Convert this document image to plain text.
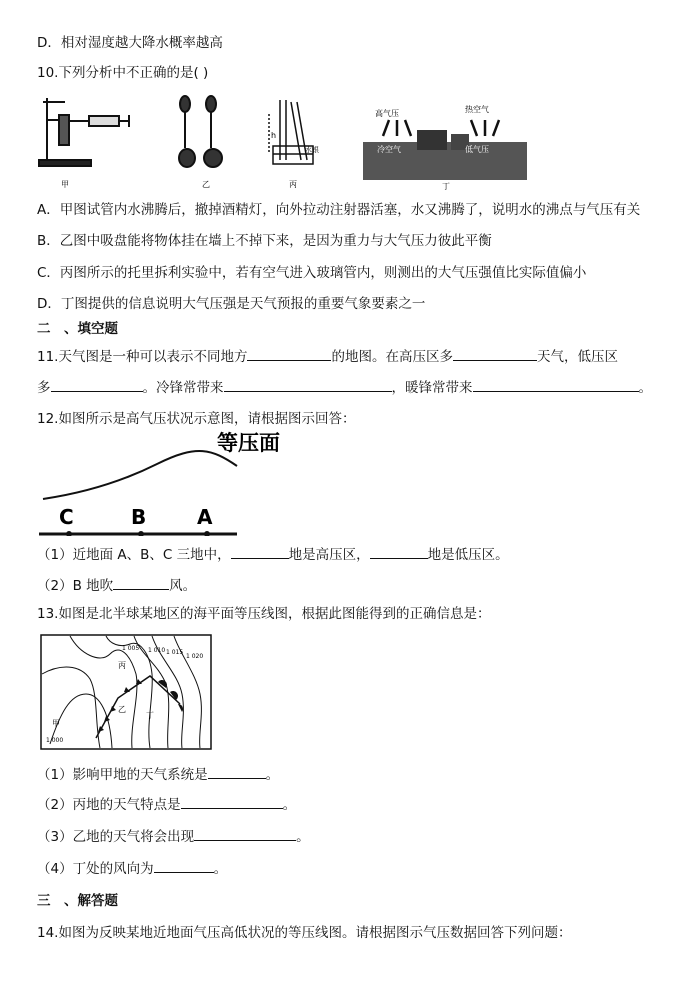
D．相对湿度越大降水概率越高
10.下列分析中不正确的是( )
甲	乙
h
水银
丙
高气压
冷空气
热空气
低气压
丁
A．甲图试管内水沸腾后，撤掉酒精灯，向外拉动注射器活塞，水又沸腾了，说明水的沸点与气压有关
B．乙图中吸盘能将物体挂在墙上不掉下来，是因为重力与大气压力彼此平衡
C．丙图所示的托里拆利实验中，若有空气进入玻璃管内，则测出的大气压强值比实际值偏小
D．丁图提供的信息说明大气压强是天气预报的重要气象要素之一
二　、填空题
11.天气图是一种可以表示不同地方	的地图。在高压区多	天气，低压区
多	。冷锋常带来	，暖锋常带来	。
12.如图所示是高气压状况示意图，请根据图示回答：
等压面
C	B	A
（1）近地面 A、B、C 三地中，	地是高压区，	地是低压区。
（2）B 地吹	风。
13.如图是北半球某地区的海平面等压线图，根据此图能得到的正确信息是：
甲
乙
丙
丁
1 005 1 010 1 015
1 020
1 000
（1）影响甲地的天气系统是	。
（2）丙地的天气特点是	。
（3）乙地的天气将会出现	。
（4）丁处的风向为	。
三　、解答题
14.如图为反映某地近地面气压高低状况的等压线图。请根据图示气压数据回答下列问题：
